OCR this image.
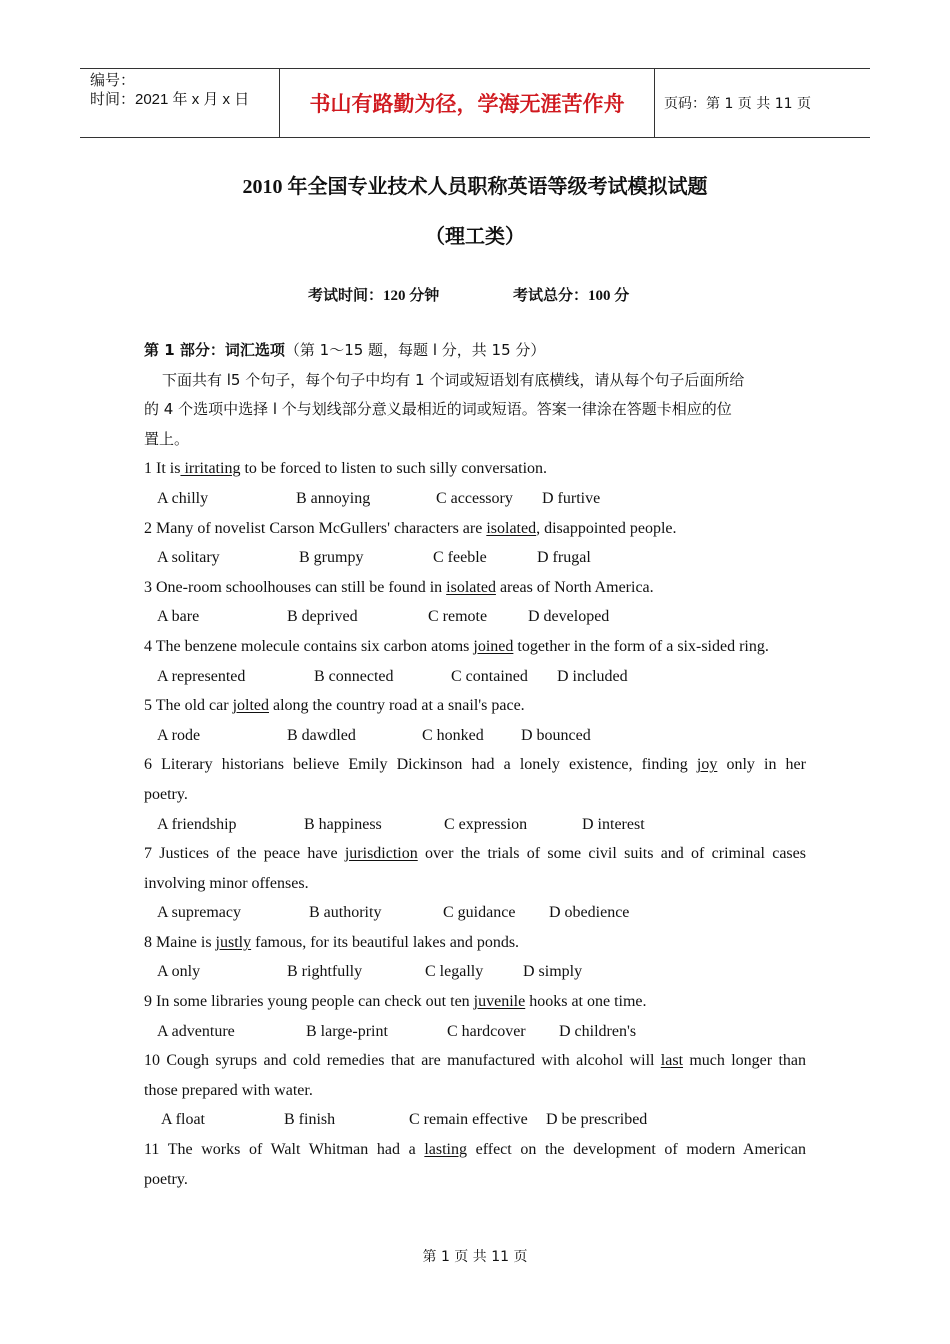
编号：
时间：2021 年 x 月 x 日	书山有路勤为径，学海无涯苦作舟	页码：第 1 页 共 11 页
2010 年全国专业技术人员职称英语等级考试模拟试题
（理工类）
考试时间：120 分钟	考试总分：100 分
第 1 部分：词汇选项（第 1～15 题，每题 l 分，共 15 分）
下面共有 l5 个句子，每个句子中均有 1 个词或短语划有底横线，请从每个句子后面所给
的 4 个选项中选择 l 个与划线部分意义最相近的词或短语。答案一律涂在答题卡相应的位
置上。
1 It is irritating to be forced to listen to such silly conversation.
A chilly	B annoying	C accessory D furtive
2 Many of novelist Carson McGullers' characters are isolated, disappointed people.
A solitary	B grumpy	C feeble	D frugal
3 One-room schoolhouses can still be found in isolated areas of North America.
A bare	B deprived	C remote	D developed
4 The benzene molecule contains six carbon atoms joined together in the form of a six-sided ring.
A represented	B connected	C contained D included
5 The old car jolted along the country road at a snail's pace.
A rode	B dawdled	C honked D bounced
6 Literary historians believe Emily Dickinson had a lonely existence, finding joy only in her
poetry.
A friendship	B happiness	C expression	D interest
7 Justices of the peace have jurisdiction over the trials of some civil suits and of criminal cases
involving minor offenses.
A supremacy	B authority	C guidance D obedience
8 Maine is justly famous, for its beautiful lakes and ponds.
A only	B rightfully	C legally D simply
9 In some libraries young people can check out ten juvenile hooks at one time.
A adventure	B large-print	C hardcover D children's
10 Cough syrups and cold remedies that are manufactured with alcohol will last much longer than
those prepared with water.
A float	B finish	C remain effective D be prescribed
11 The works of Walt Whitman had a lasting effect on the development of modern American
poetry.
第 1 页 共 11 页
